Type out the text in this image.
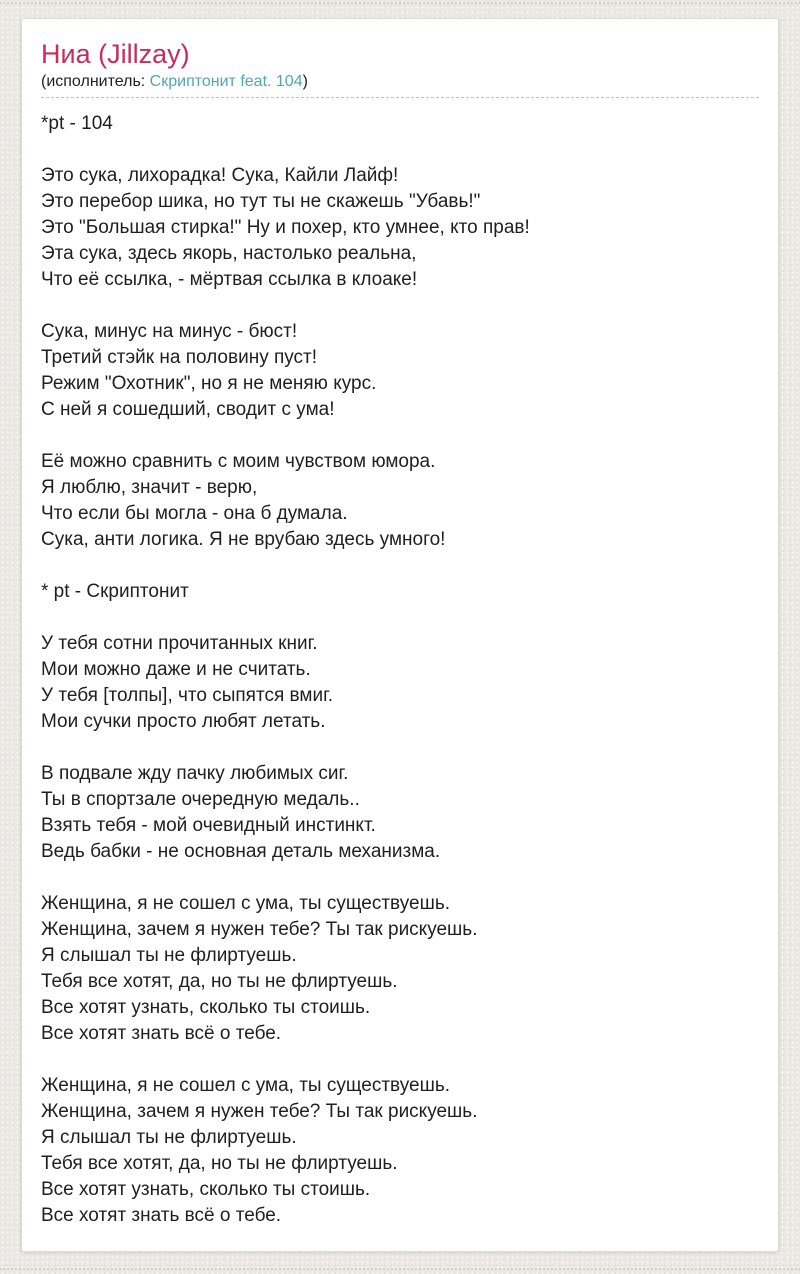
Ниа (Jillzay)
(исполнитель: Скриптонит feat. 104)
*pt - 104
Это сука, лихорадка! Сука, Кайли Лайф!
Это перебор шика, но тут ты не скажешь "Убавь!"
Это "Большая стирка!" Ну и похер, кто умнее, кто прав!
Эта сука, здесь якорь, настолько реальна,
Что её ссылка, - мёртвая ссылка в клоаке!
Сука, минус на минус - бюст!
Третий стэйк на половину пуст!
Режим "Охотник", но я не меняю курс.
С ней я сошедший, сводит с ума!
Её можно сравнить с моим чувством юмора.
Я люблю, значит - верю,
Что если бы могла - она б думала.
Сука, анти логика. Я не врубаю здесь умного!
* pt - Скриптонит
У тебя сотни прочитанных книг.
Мои можно даже и не считать.
У тебя [толпы], что сыпятся вмиг.
Мои сучки просто любят летать.
В подвале жду пачку любимых сиг.
Ты в спортзале очередную медаль..
Взять тебя - мой очевидный инстинкт.
Ведь бабки - не основная деталь механизма.
Женщина, я не сошел с ума, ты существуешь.
Женщина, зачем я нужен тебе? Ты так рискуешь.
Я слышал ты не флиртуешь.
Тебя все хотят, да, но ты не флиртуешь.
Все хотят узнать, сколько ты стоишь.
Все хотят знать всё о тебе.
Женщина, я не сошел с ума, ты существуешь.
Женщина, зачем я нужен тебе? Ты так рискуешь.
Я слышал ты не флиртуешь.
Тебя все хотят, да, но ты не флиртуешь.
Все хотят узнать, сколько ты стоишь.
Все хотят знать всё о тебе.
